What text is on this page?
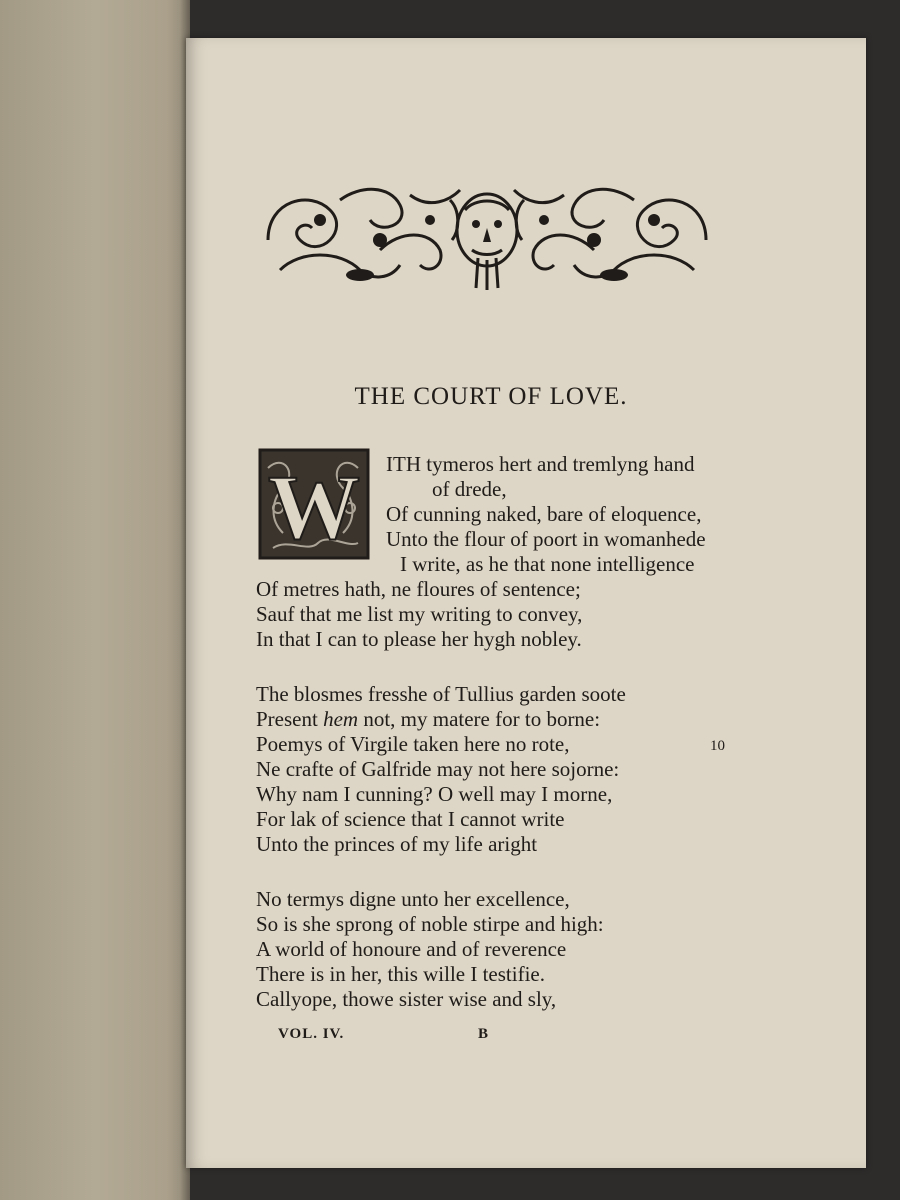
THE COURT OF LOVE.
W ITH tymeros hert and tremlyng hand
of drede,
Of cunning naked, bare of eloquence,
Unto the flour of poort in womanhede
I write, as he that none intelligence
Of metres hath, ne floures of sentence;
Sauf that me list my writing to convey,
In that I can to please her hygh nobley.
The blosmes fresshe of Tullius garden soote
Present hem not, my matere for to borne:
Poemys of Virgile taken here no rote,	10
Ne crafte of Galfride may not here sojorne:
Why nam I cunning? O well may I morne,
For lak of science that I cannot write
Unto the princes of my life aright
No termys digne unto her excellence,
So is she sprong of noble stirpe and high:
A world of honoure and of reverence
There is in her, this wille I testifie.
Callyope, thowe sister wise and sly,
VOL. IV.	B
